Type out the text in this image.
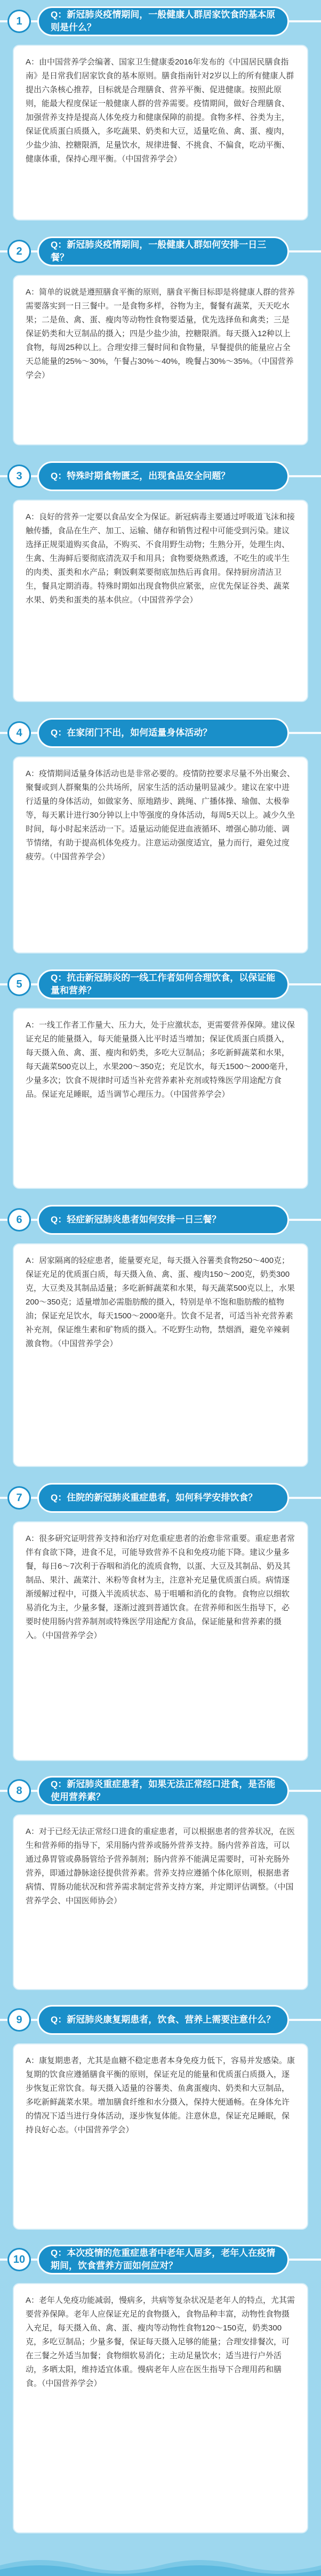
1
Q：新冠肺炎疫情期间，一般健康人群居家饮食的基本原则是什么？

A：由中国营养学会编著、国家卫生健康委2016年发布的《中国居民膳食指南》是日常我们居家饮食的基本原则。膳食指南针对2岁以上的所有健康人群提出六条核心推荐，目标就是合理膳食、营养平衡、促进健康。按照此原则，能最大程度保证一般健康人群的营养需要。疫情期间，做好合理膳食、加强营养支持是提高人体免疫力和健康保障的前提。食物多样、谷类为主，保证优质蛋白质摄入，多吃蔬果、奶类和大豆，适量吃鱼、禽、蛋、瘦肉，少盐少油、控糖限酒，足量饮水，规律进餐、不挑食、不偏食，吃动平衡、健康体重，保持心理平衡。（中国营养学会）

2
Q：新冠肺炎疫情期间，一般健康人群如何安排一日三餐？

A：简单的说就是遵照膳食平衡的原则，膳食平衡目标即是将健康人群的营养需要落实到一日三餐中。一是食物多样，谷物为主，餐餐有蔬菜，天天吃水果；二是鱼、禽、蛋、瘦肉等动物性食物要适量，优先选择鱼和禽类；三是保证奶类和大豆制品的摄入；四是少盐少油，控糖限酒。每天摄入12种以上食物，每周25种以上。合理安排三餐时间和食物量，早餐提供的能量应占全天总能量的25%～30%，午餐占30%～40%，晚餐占30%～35%。（中国营养学会）

3	Q：特殊时期食物匮乏，出现食品安全问题？

A：良好的营养一定要以食品安全为保证。新冠病毒主要通过呼吸道飞沫和接触传播，食品在生产、加工、运输、储存和销售过程中可能受到污染。建议选择正规渠道购买食品，不购买、不食用野生动物；生熟分开，处理生肉、生禽、生海鲜后要彻底清洗双手和用具；食物要烧熟煮透，不吃生的或半生的肉类、蛋类和水产品；剩饭剩菜要彻底加热后再食用。保持厨房清洁卫生，餐具定期消毒。特殊时期如出现食物供应紧张，应优先保证谷类、蔬菜水果、奶类和蛋类的基本供应。（中国营养学会）

4	Q：在家闭门不出，如何适量身体活动？

A：疫情期间适量身体活动也是非常必要的。疫情防控要求尽量不外出聚会、聚餐或到人群聚集的公共场所，居家生活的活动量明显减少。建议在家中进行适量的身体活动，如做家务、原地踏步、跳绳、广播体操、瑜伽、太极拳等，每天累计进行30分钟以上中等强度的身体活动，每周5天以上。减少久坐时间，每小时起来活动一下。适量运动能促进血液循环、增强心肺功能、调节情绪，有助于提高机体免疫力。注意运动强度适宜，量力而行，避免过度疲劳。（中国营养学会）

5
Q：抗击新冠肺炎的一线工作者如何合理饮食，以保证能量和营养？

A：一线工作者工作量大、压力大，处于应激状态，更需要营养保障。建议保证充足的能量摄入，每天能量摄入比平时适当增加；保证优质蛋白质摄入，每天摄入鱼、禽、蛋、瘦肉和奶类，多吃大豆制品；多吃新鲜蔬菜和水果，每天蔬菜500克以上，水果200～350克；充足饮水，每天1500～2000毫升，少量多次；饮食不规律时可适当补充营养素补充剂或特殊医学用途配方食品。保证充足睡眠，适当调节心理压力。（中国营养学会）

6	Q：轻症新冠肺炎患者如何安排一日三餐？

A：居家隔离的轻症患者，能量要充足，每天摄入谷薯类食物250～400克；保证充足的优质蛋白质，每天摄入鱼、禽、蛋、瘦肉150～200克，奶类300克，大豆类及其制品适量；多吃新鲜蔬菜和水果，每天蔬菜500克以上，水果200～350克；适量增加必需脂肪酸的摄入，特别是单不饱和脂肪酸的植物油；保证充足饮水，每天1500～2000毫升。饮食不足者，可适当补充营养素补充剂，保证维生素和矿物质的摄入。不吃野生动物，禁烟酒，避免辛辣刺激食物。（中国营养学会）

7	Q：住院的新冠肺炎重症患者，如何科学安排饮食？

A：很多研究证明营养支持和治疗对危重症患者的治愈非常重要。重症患者常伴有食欲下降，进食不足，可能导致营养不良和免疫功能下降。建议少量多餐，每日6～7次利于吞咽和消化的流质食物，以蛋、大豆及其制品、奶及其制品、果汁、蔬菜汁、米粉等食材为主，注意补充足量优质蛋白质。病情逐渐缓解过程中，可摄入半流质状态、易于咀嚼和消化的食物。食物应以细软易消化为主，少量多餐，逐渐过渡到普通饮食。在营养师和医生指导下，必要时使用肠内营养制剂或特殊医学用途配方食品，保证能量和营养素的摄入。（中国营养学会）

8
Q：新冠肺炎重症患者，如果无法正常经口进食，是否能使用营养素？

A：对于已经无法正常经口进食的重症患者，可以根据患者的营养状况，在医生和营养师的指导下，采用肠内营养或肠外营养支持。肠内营养首选，可以通过鼻胃管或鼻肠管给予营养制剂；肠内营养不能满足需要时，可补充肠外营养，即通过静脉途径提供营养素。营养支持应遵循个体化原则，根据患者病情、胃肠功能状况和营养需求制定营养支持方案，并定期评估调整。（中国营养学会、中国医师协会）

9	Q：新冠肺炎康复期患者，饮食、营养上需要注意什么？

A：康复期患者，尤其是血糖不稳定患者本身免疫力低下，容易并发感染。康复期的饮食应遵循膳食平衡的原则，保证充足的能量和优质蛋白质摄入，逐步恢复正常饮食。每天摄入适量的谷薯类、鱼禽蛋瘦肉、奶类和大豆制品，多吃新鲜蔬菜水果。增加膳食纤维和水分摄入，保持大便通畅。在身体允许的情况下适当进行身体活动，逐步恢复体能。注意休息，保证充足睡眠，保持良好心态。（中国营养学会）

10
Q：本次疫情的危重症患者中老年人居多，老年人在疫情期间，饮食营养方面如何应对？

A：老年人免疫功能减弱，慢病多，共病等复杂状况是老年人的特点，尤其需要营养保障。老年人应保证充足的食物摄入，食物品种丰富，动物性食物摄入充足，每天摄入鱼、禽、蛋、瘦肉等动物性食物120～150克，奶类300克，多吃豆制品；少量多餐，保证每天摄入足够的能量；合理安排餐次，可在三餐之外适当加餐；食物细软易消化；主动足量饮水；适当进行户外活动，多晒太阳，维持适宜体重。慢病老年人应在医生指导下合理用药和膳食。（中国营养学会）
